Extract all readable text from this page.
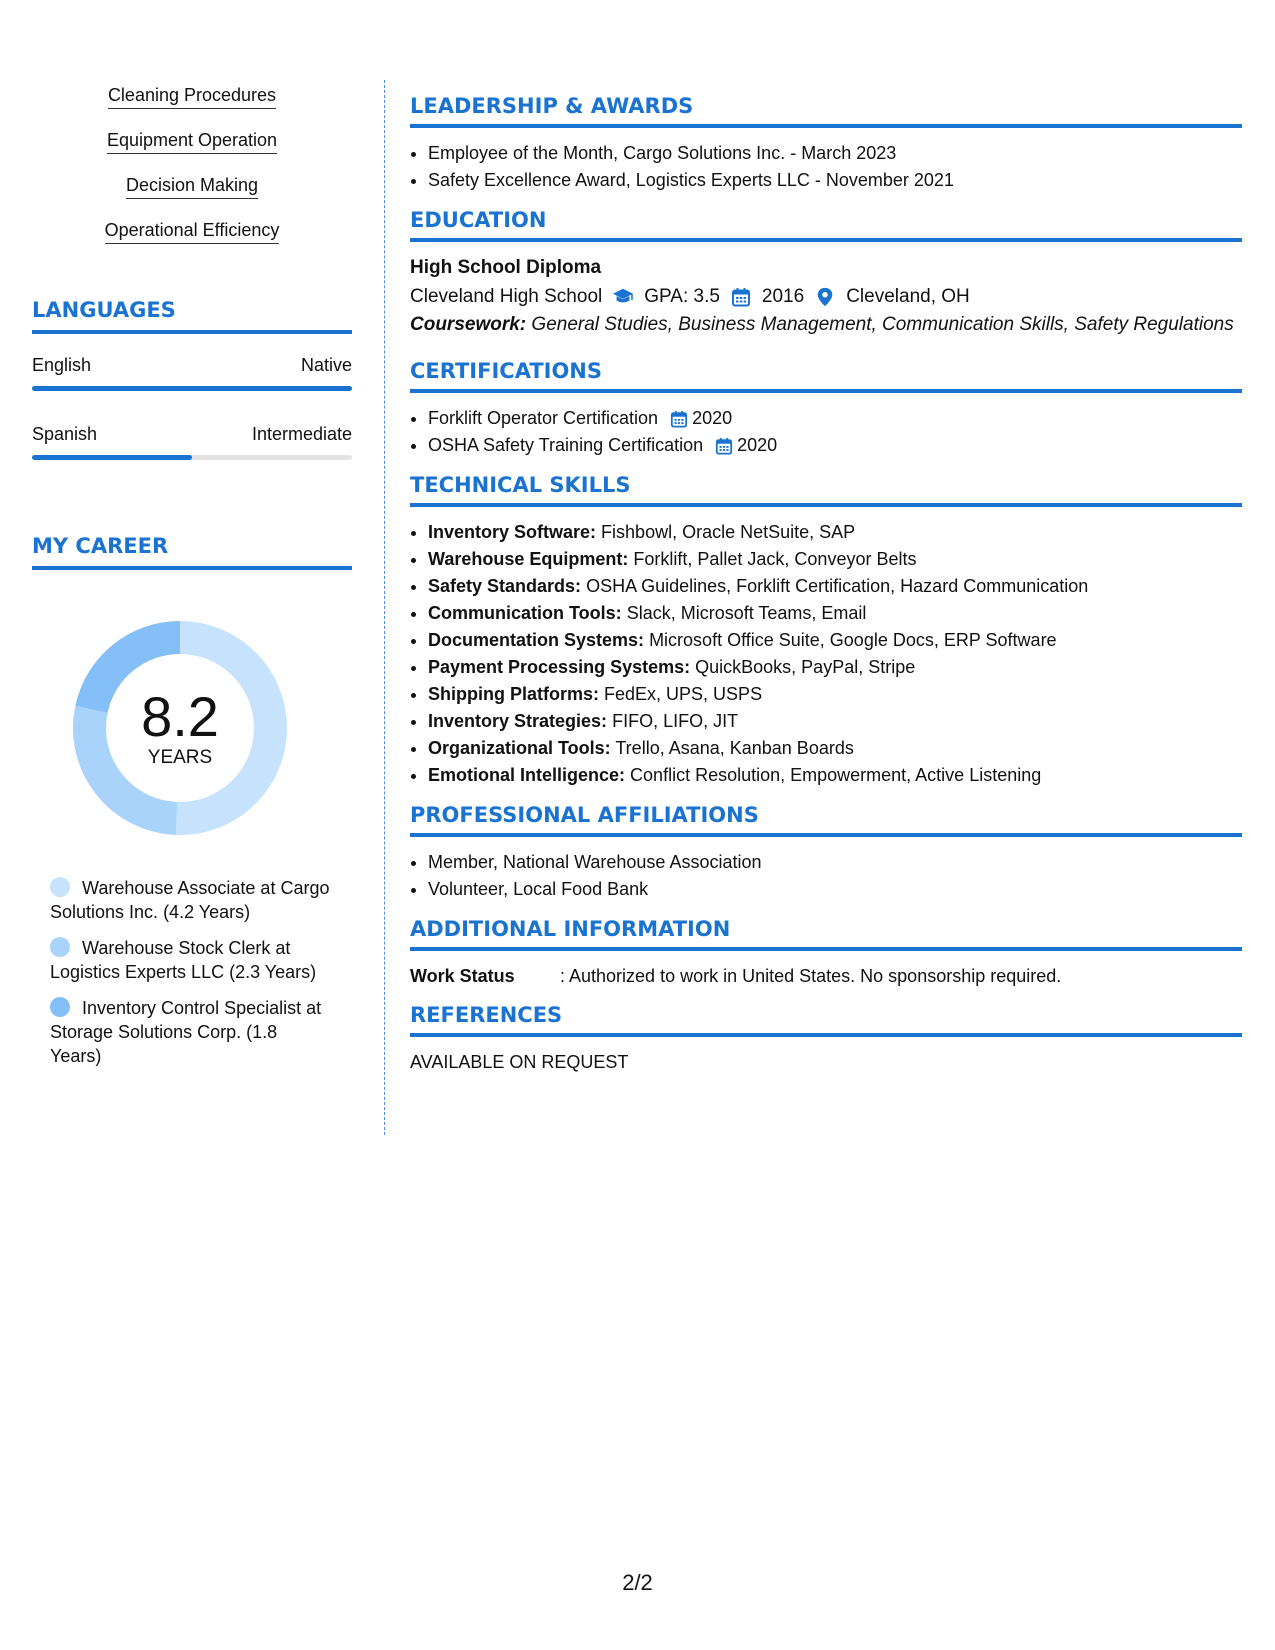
Cleaning Procedures
Equipment Operation
Decision Making
Operational Efficiency
LANGUAGES
English	Native
Spanish	Intermediate
MY CAREER
8.2
YEARS
Warehouse Associate at Cargo Solutions Inc. (4.2 Years)
Warehouse Stock Clerk at Logistics Experts LLC (2.3 Years)
Inventory Control Specialist at Storage Solutions Corp. (1.8 Years)
LEADERSHIP & AWARDS
• Employee of the Month, Cargo Solutions Inc. - March 2023
• Safety Excellence Award, Logistics Experts LLC - November 2021
EDUCATION
High School Diploma
Cleveland High School GPA: 3.5 2016 Cleveland, OH
Coursework: General Studies, Business Management, Communication Skills, Safety Regulations
CERTIFICATIONS
• Forklift Operator Certification 2020
• OSHA Safety Training Certification 2020
TECHNICAL SKILLS
• Inventory Software: Fishbowl, Oracle NetSuite, SAP
• Warehouse Equipment: Forklift, Pallet Jack, Conveyor Belts
• Safety Standards: OSHA Guidelines, Forklift Certification, Hazard Communication
• Communication Tools: Slack, Microsoft Teams, Email
• Documentation Systems: Microsoft Office Suite, Google Docs, ERP Software
• Payment Processing Systems: QuickBooks, PayPal, Stripe
• Shipping Platforms: FedEx, UPS, USPS
• Inventory Strategies: FIFO, LIFO, JIT
• Organizational Tools: Trello, Asana, Kanban Boards
• Emotional Intelligence: Conflict Resolution, Empowerment, Active Listening
PROFESSIONAL AFFILIATIONS
• Member, National Warehouse Association
• Volunteer, Local Food Bank
ADDITIONAL INFORMATION
Work Status	: Authorized to work in United States. No sponsorship required.
REFERENCES
AVAILABLE ON REQUEST
2/2
